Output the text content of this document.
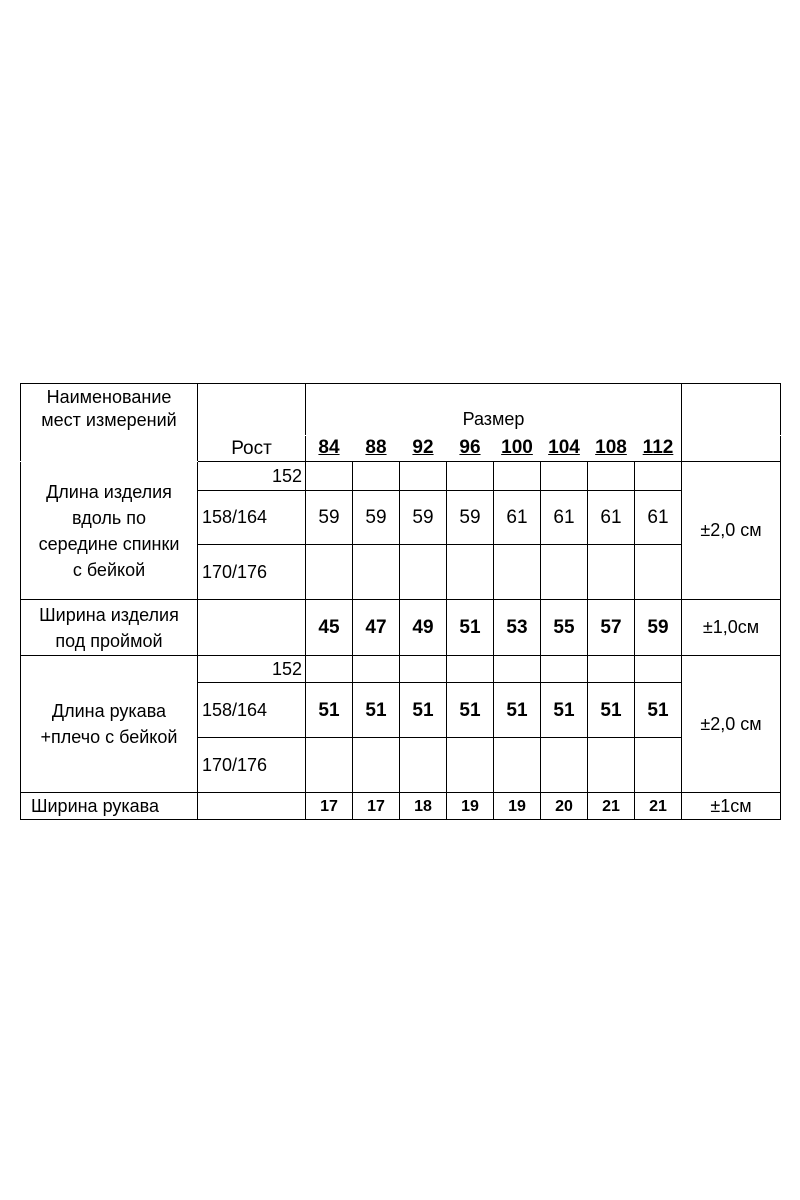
Наименование
мест измерений		Размер								
	Рост	84	88	92	96	100	104	108	112	

Длина изделия
вдоль по
середине спинки
с бейкой	152									±2,0 см
	158/164	59	59	59	59	61	61	61	61	
	170/176									

Ширина изделия
под проймой		45	47	49	51	53	55	57	59	±1,0см

Длина рукава
+плечо с бейкой	152									±2,0 см
	158/164	51	51	51	51	51	51	51	51	
	170/176									
Ширина рукава		17	17	18	19	19	20	21	21	±1см
